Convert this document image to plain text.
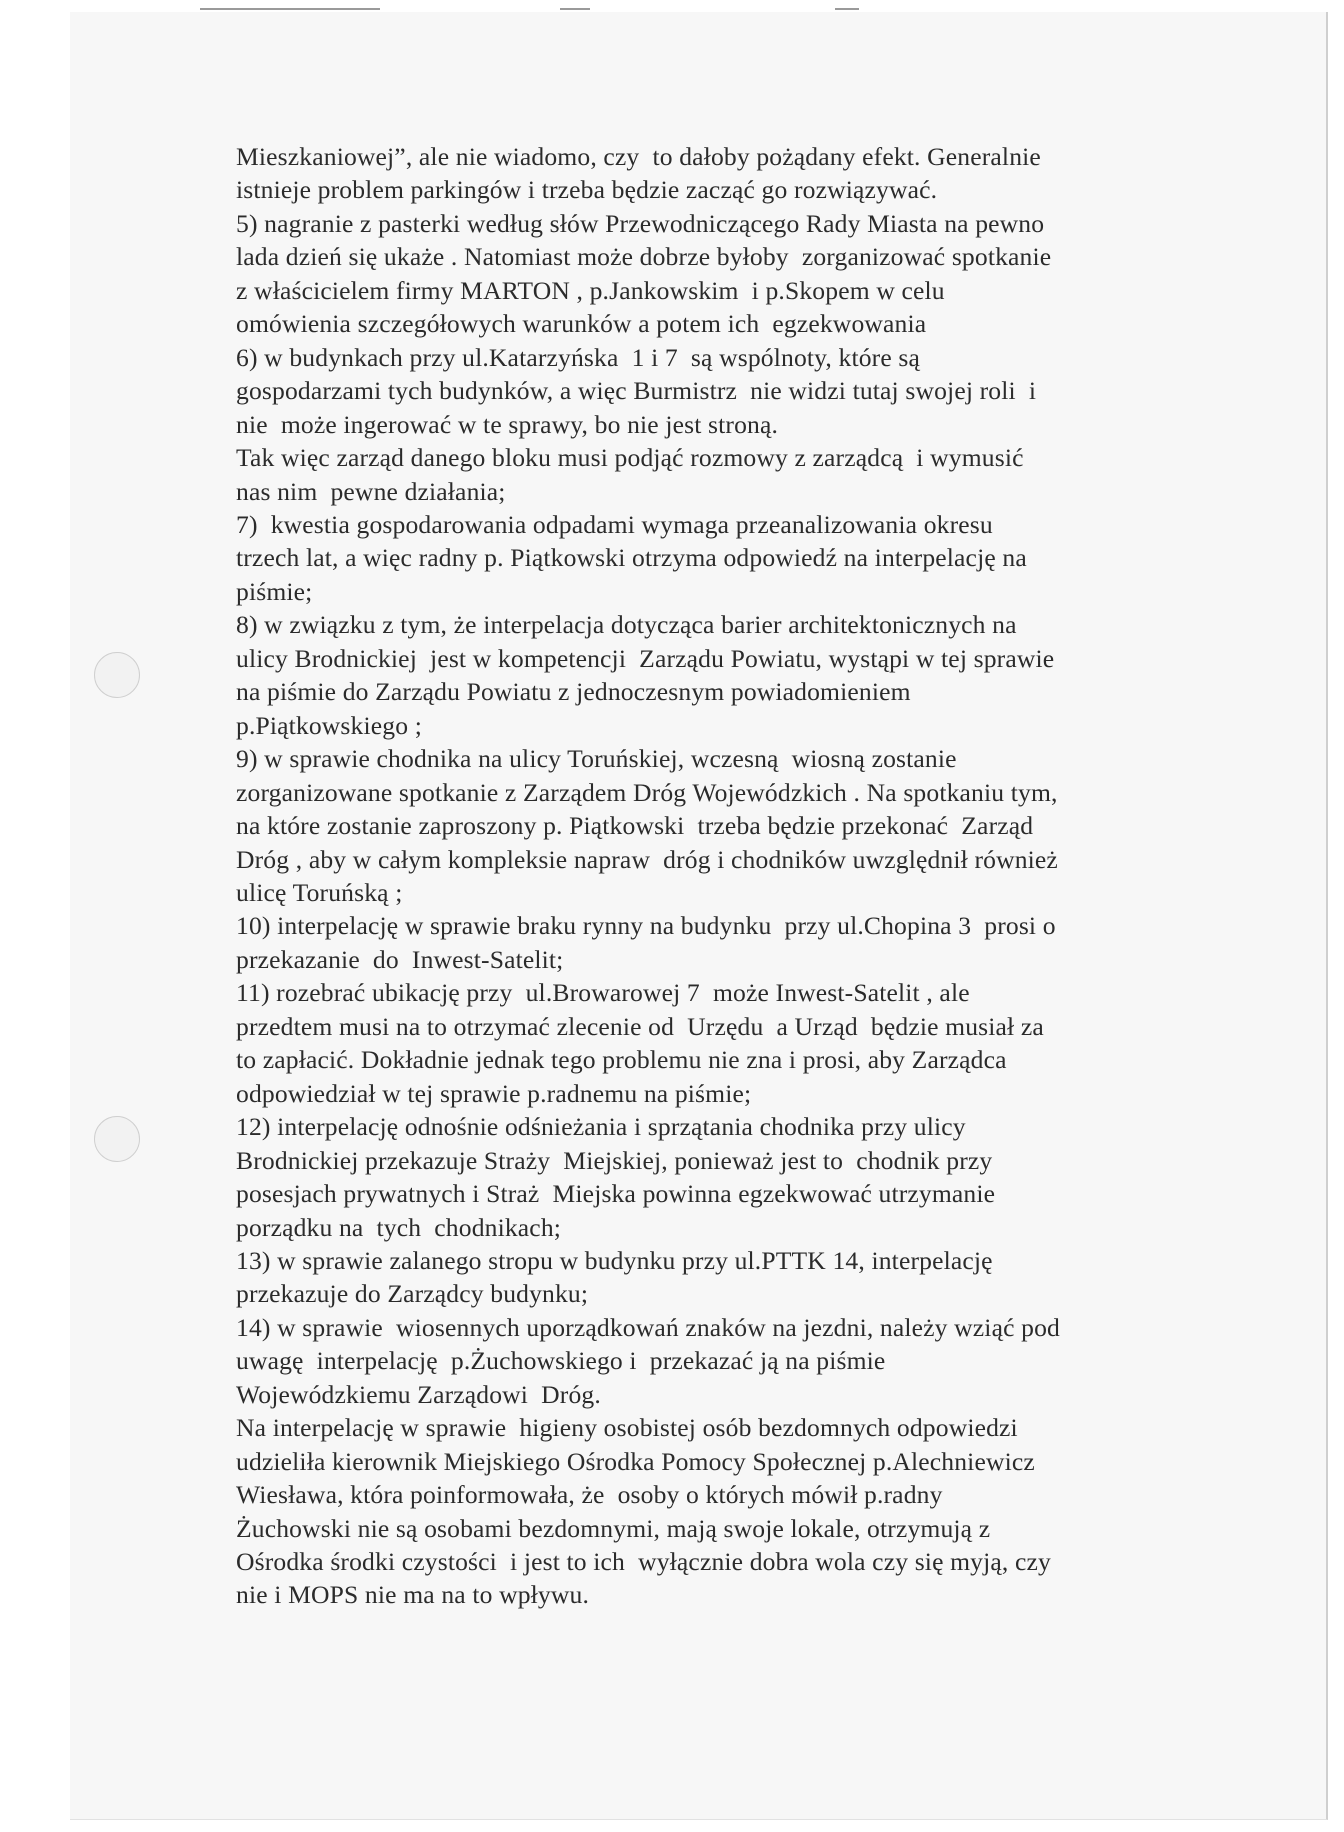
Mieszkaniowej”, ale nie wiadomo, czy  to dałoby pożądany efekt. Generalnie
istnieje problem parkingów i trzeba będzie zacząć go rozwiązywać.
5) nagranie z pasterki według słów Przewodniczącego Rady Miasta na pewno
lada dzień się ukaże . Natomiast może dobrze byłoby  zorganizować spotkanie
z właścicielem firmy MARTON , p.Jankowskim  i p.Skopem w celu
omówienia szczegółowych warunków a potem ich  egzekwowania
6) w budynkach przy ul.Katarzyńska  1 i 7  są wspólnoty, które są
gospodarzami tych budynków, a więc Burmistrz  nie widzi tutaj swojej roli  i
nie  może ingerować w te sprawy, bo nie jest stroną.
Tak więc zarząd danego bloku musi podjąć rozmowy z zarządcą  i wymusić
nas nim  pewne działania;
7)  kwestia gospodarowania odpadami wymaga przeanalizowania okresu
trzech lat, a więc radny p. Piątkowski otrzyma odpowiedź na interpelację na
piśmie;
8) w związku z tym, że interpelacja dotycząca barier architektonicznych na
ulicy Brodnickiej  jest w kompetencji  Zarządu Powiatu, wystąpi w tej sprawie
na piśmie do Zarządu Powiatu z jednoczesnym powiadomieniem
p.Piątkowskiego ;
9) w sprawie chodnika na ulicy Toruńskiej, wczesną  wiosną zostanie
zorganizowane spotkanie z Zarządem Dróg Wojewódzkich . Na spotkaniu tym,
na które zostanie zaproszony p. Piątkowski  trzeba będzie przekonać  Zarząd
Dróg , aby w całym kompleksie napraw  dróg i chodników uwzględnił również
ulicę Toruńską ;
10) interpelację w sprawie braku rynny na budynku  przy ul.Chopina 3  prosi o
przekazanie  do  Inwest-Satelit;
11) rozebrać ubikację przy  ul.Browarowej 7  może Inwest-Satelit , ale
przedtem musi na to otrzymać zlecenie od  Urzędu  a Urząd  będzie musiał za
to zapłacić. Dokładnie jednak tego problemu nie zna i prosi, aby Zarządca
odpowiedział w tej sprawie p.radnemu na piśmie;
12) interpelację odnośnie odśnieżania i sprzątania chodnika przy ulicy
Brodnickiej przekazuje Straży  Miejskiej, ponieważ jest to  chodnik przy
posesjach prywatnych i Straż  Miejska powinna egzekwować utrzymanie
porządku na  tych  chodnikach;
13) w sprawie zalanego stropu w budynku przy ul.PTTK 14, interpelację
przekazuje do Zarządcy budynku;
14) w sprawie  wiosennych uporządkowań znaków na jezdni, należy wziąć pod
uwagę  interpelację  p.Żuchowskiego i  przekazać ją na piśmie
Wojewódzkiemu Zarządowi  Dróg.
Na interpelację w sprawie  higieny osobistej osób bezdomnych odpowiedzi
udzieliła kierownik Miejskiego Ośrodka Pomocy Społecznej p.Alechniewicz
Wiesława, która poinformowała, że  osoby o których mówił p.radny
Żuchowski nie są osobami bezdomnymi, mają swoje lokale, otrzymują z
Ośrodka środki czystości  i jest to ich  wyłącznie dobra wola czy się myją, czy
nie i MOPS nie ma na to wpływu.
